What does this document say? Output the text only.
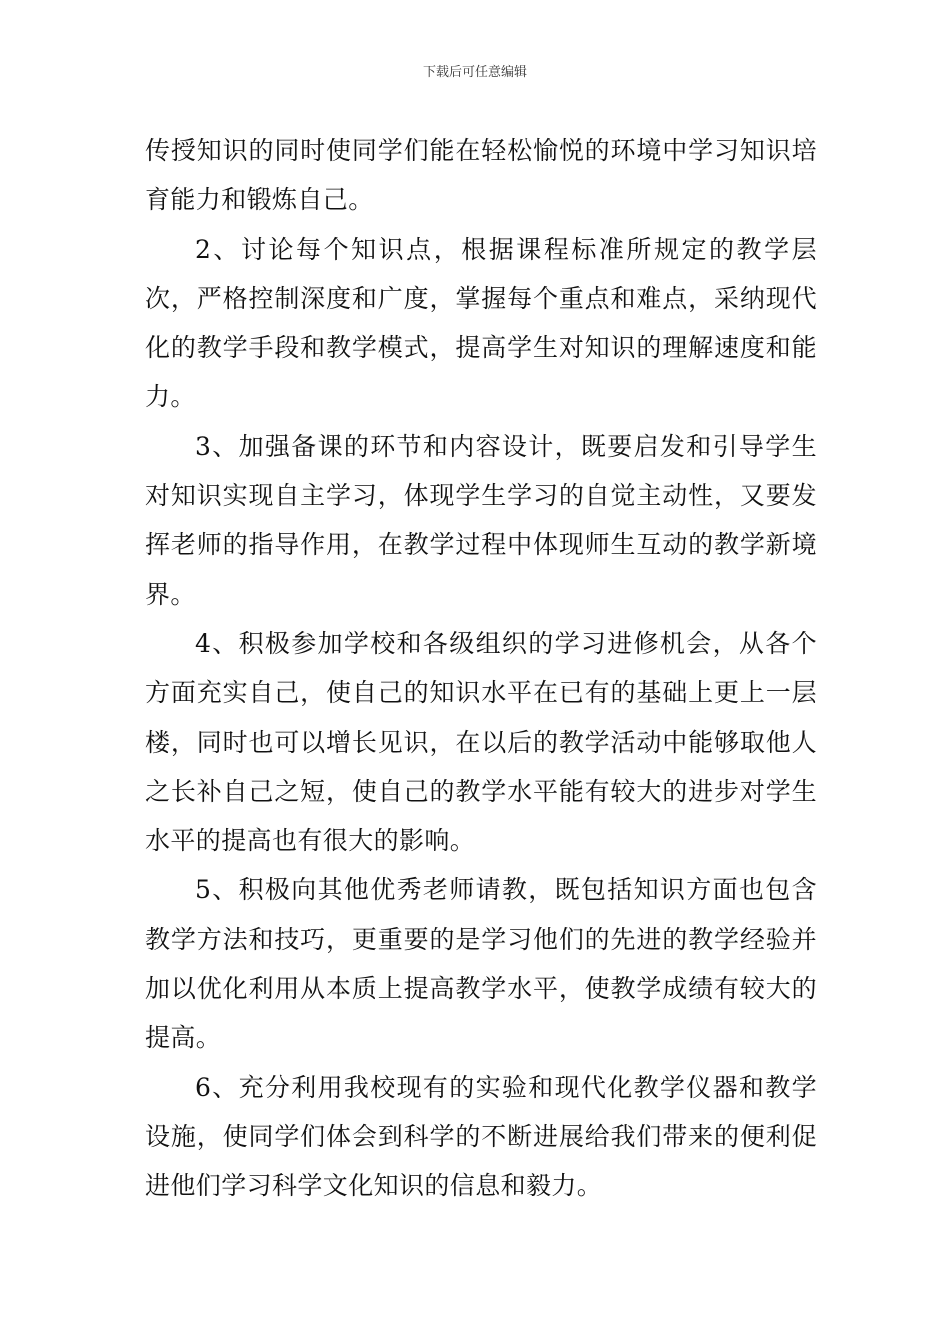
下载后可任意编辑

传授知识的同时使同学们能在轻松愉悦的环境中学习知识培育能力和锻炼自己。

2、讨论每个知识点，根据课程标准所规定的教学层次，严格控制深度和广度，掌握每个重点和难点，采纳现代化的教学手段和教学模式，提高学生对知识的理解速度和能力。

3、加强备课的环节和内容设计，既要启发和引导学生对知识实现自主学习，体现学生学习的自觉主动性，又要发挥老师的指导作用，在教学过程中体现师生互动的教学新境界。

4、积极参加学校和各级组织的学习进修机会，从各个方面充实自己，使自己的知识水平在已有的基础上更上一层楼，同时也可以增长见识，在以后的教学活动中能够取他人之长补自己之短，使自己的教学水平能有较大的进步对学生水平的提高也有很大的影响。

5、积极向其他优秀老师请教，既包括知识方面也包含教学方法和技巧，更重要的是学习他们的先进的教学经验并加以优化利用从本质上提高教学水平，使教学成绩有较大的提高。

6、充分利用我校现有的实验和现代化教学仪器和教学设施，使同学们体会到科学的不断进展给我们带来的便利促进他们学习科学文化知识的信息和毅力。
